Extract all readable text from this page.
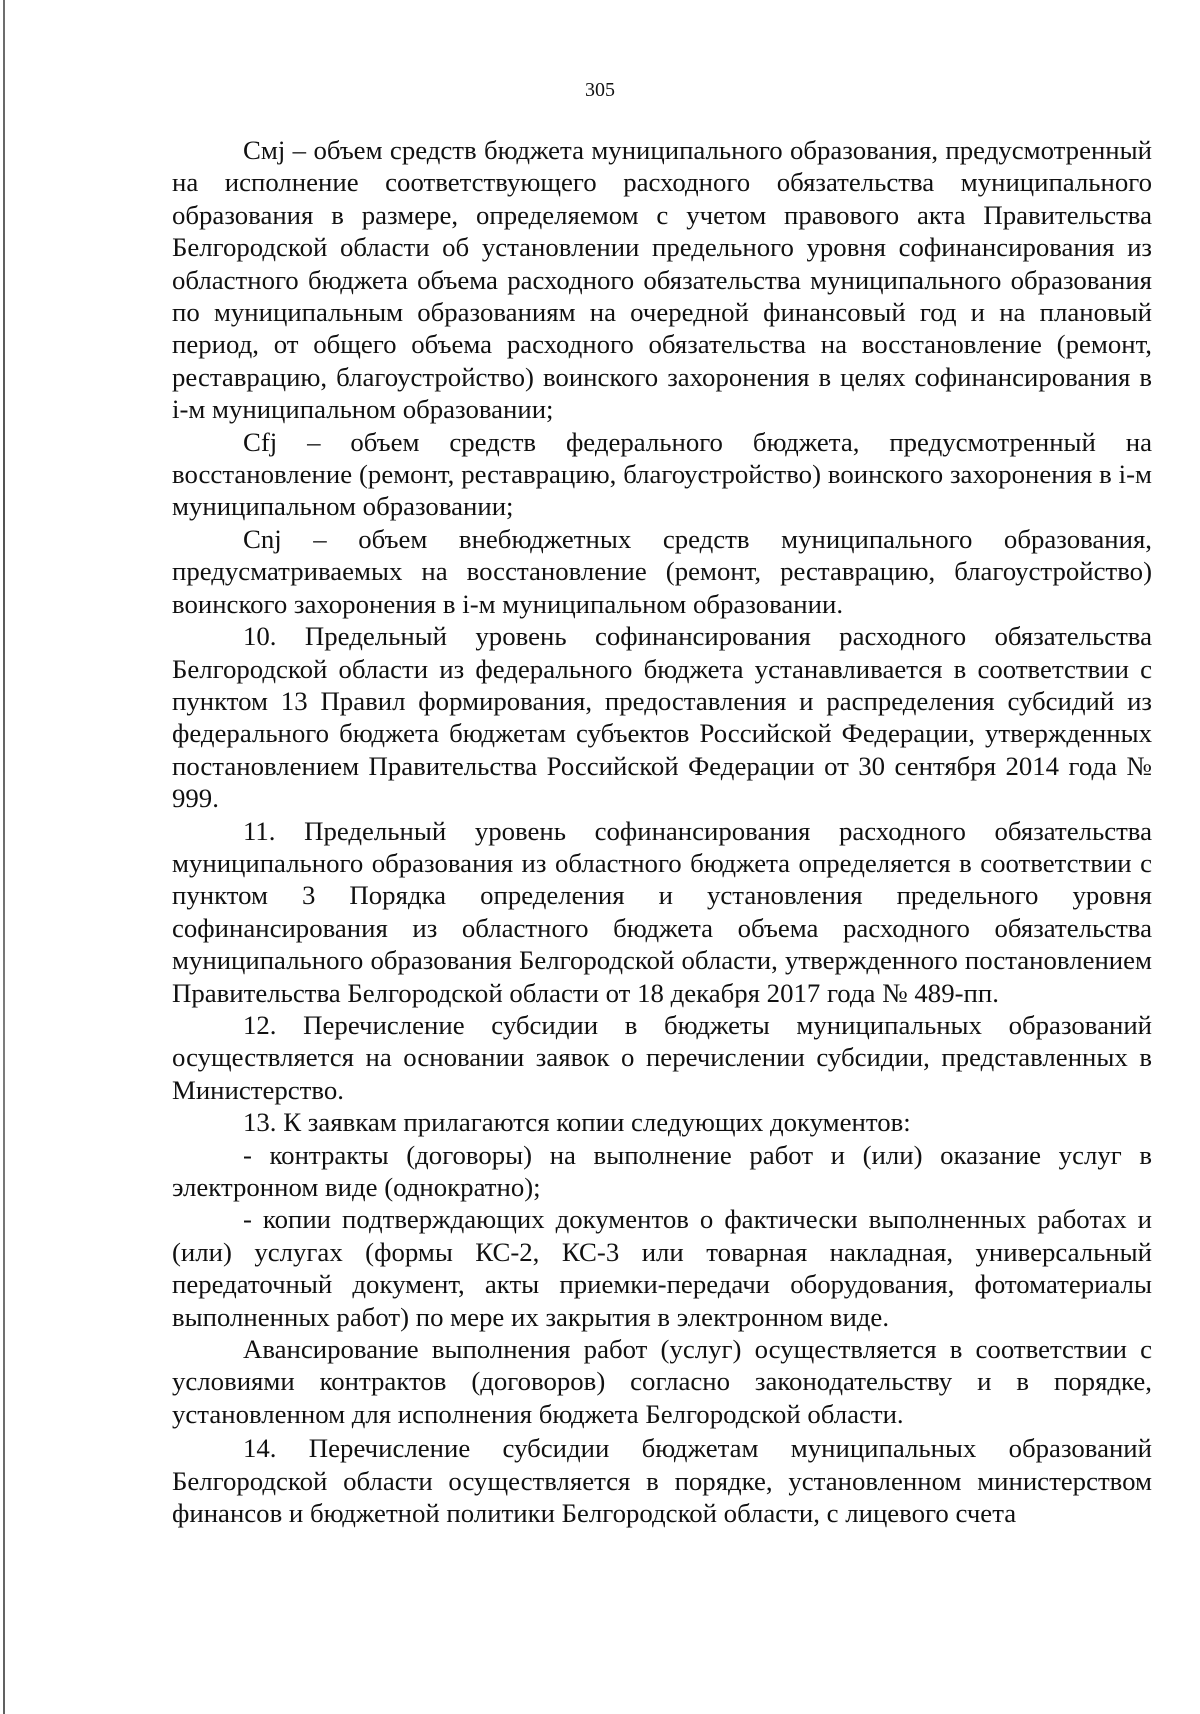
305

Cмj – объем средств бюджета муниципального образования, предусмотренный на исполнение соответствующего расходного обязательства муниципального образования в размере, определяемом с учетом правового акта Правительства Белгородской области об установлении предельного уровня софинансирования из областного бюджета объема расходного обязательства муниципального образования по муниципальным образованиям на очередной финансовый год и на плановый период, от общего объема расходного обязательства на восстановление (ремонт, реставрацию, благоустройство) воинского захоронения в целях софинансирования в i-м муниципальном образовании;

Cfj – объем средств федерального бюджета, предусмотренный на восстановление (ремонт, реставрацию, благоустройство) воинского захоронения в i-м муниципальном образовании;

Cnj – объем внебюджетных средств муниципального образования, предусматриваемых на восстановление (ремонт, реставрацию, благоустройство) воинского захоронения в i-м муниципальном образовании.

10. Предельный уровень софинансирования расходного обязательства Белгородской области из федерального бюджета устанавливается в соответствии с пунктом 13 Правил формирования, предоставления и распределения субсидий из федерального бюджета бюджетам субъектов Российской Федерации, утвержденных постановлением Правительства Российской Федерации от 30 сентября 2014 года № 999.

11. Предельный уровень софинансирования расходного обязательства муниципального образования из областного бюджета определяется в соответствии с пунктом 3 Порядка определения и установления предельного уровня софинансирования из областного бюджета объема расходного обязательства муниципального образования Белгородской области, утвержденного постановлением Правительства Белгородской области от 18 декабря 2017 года № 489-пп.

12. Перечисление субсидии в бюджеты муниципальных образований осуществляется на основании заявок о перечислении субсидии, представленных в Министерство.

13. К заявкам прилагаются копии следующих документов:

- контракты (договоры) на выполнение работ и (или) оказание услуг в электронном виде (однократно);

- копии подтверждающих документов о фактически выполненных работах и (или) услугах (формы КС-2, КС-3 или товарная накладная, универсальный передаточный документ, акты приемки-передачи оборудования, фотоматериалы выполненных работ) по мере их закрытия в электронном виде.

Авансирование выполнения работ (услуг) осуществляется в соответствии с условиями контрактов (договоров) согласно законодательству и в порядке, установленном для исполнения бюджета Белгородской области.

14. Перечисление субсидии бюджетам муниципальных образований Белгородской области осуществляется в порядке, установленном министерством финансов и бюджетной политики Белгородской области, с лицевого счета
